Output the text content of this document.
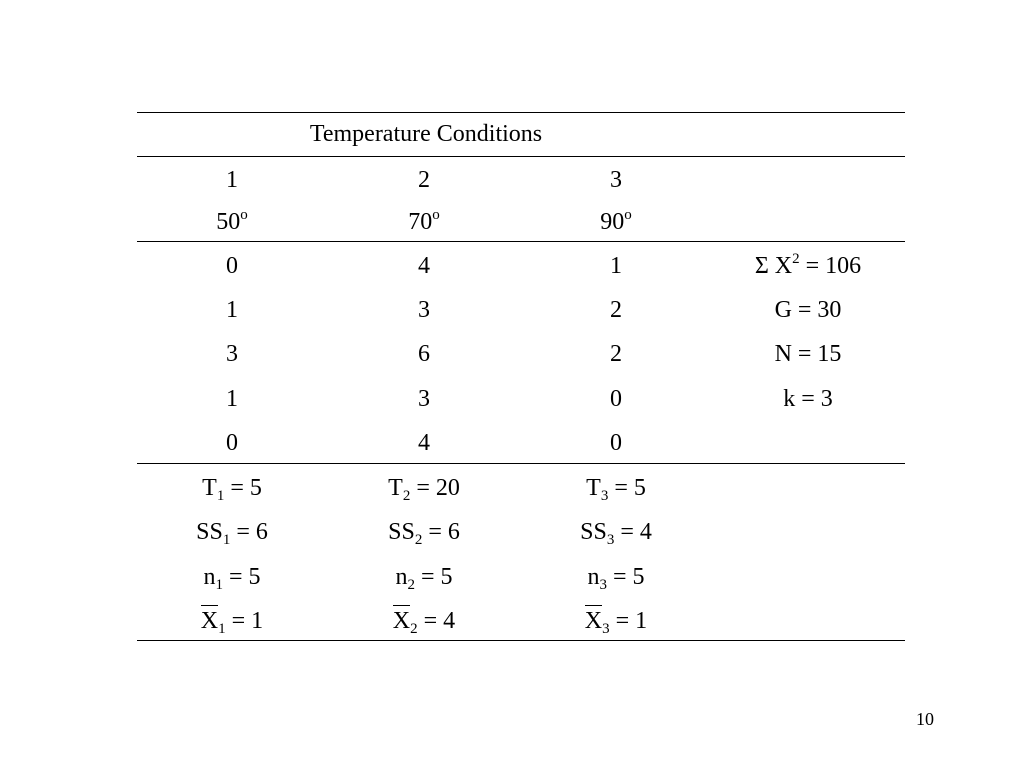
Temperature Conditions
1	2	3
50$^o$	70$^o$	90$^o$
0	4	1	Σ $X^2 = 106$
1	3	2	G = 30
3	6	2	N = 15
1	3	0	k = 3
0	4	0
$T_1 = 5$	$T_2 = 20$	$T_3 = 5$
$SS_1 = 6$	$SS_2 = 6$	$SS_3 = 4$
$n_1 = 5$	$n_2 = 5$	$n_3 = 5$
$X_1 = 1$	$X_2 = 4$	$X_3 = 1$
10
